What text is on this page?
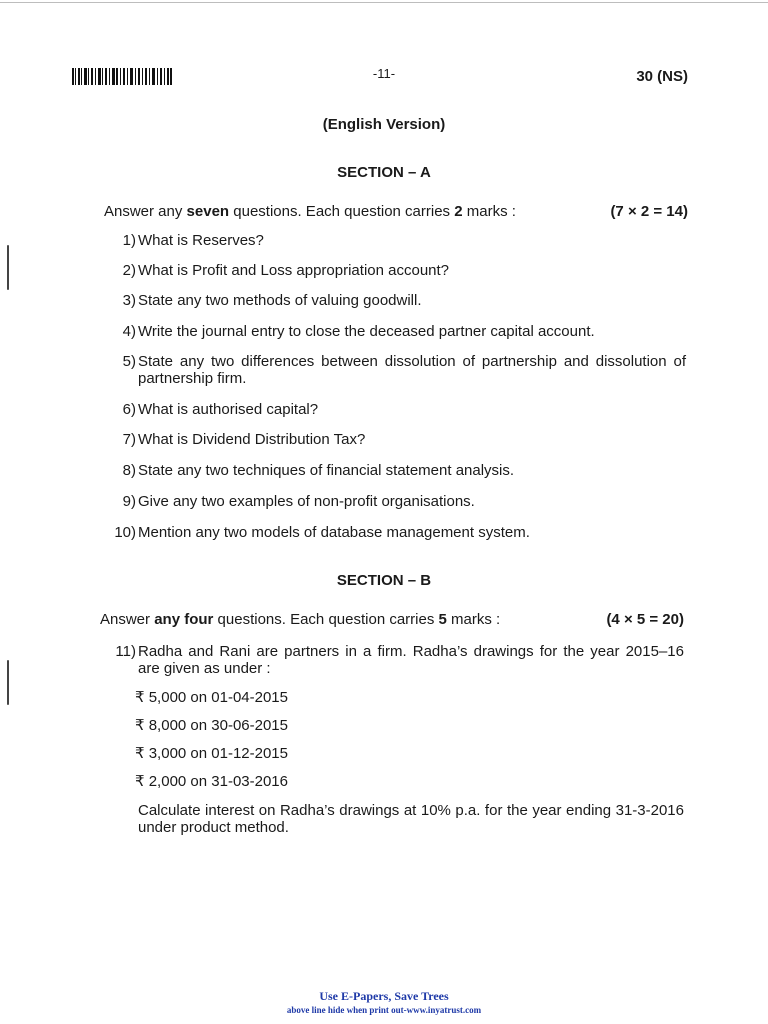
-11-	30 (NS)
(English Version)
SECTION – A
Answer any seven questions. Each question carries 2 marks :	(7 × 2 = 14)
1) What is Reserves?
2) What is Profit and Loss appropriation account?
3) State any two methods of valuing goodwill.
4) Write the journal entry to close the deceased partner capital account.
5) State any two differences between dissolution of partnership and dissolution of partnership firm.
6) What is authorised capital?
7) What is Dividend Distribution Tax?
8) State any two techniques of financial statement analysis.
9) Give any two examples of non-profit organisations.
10) Mention any two models of database management system.
SECTION – B
Answer any four questions. Each question carries 5 marks :	(4 × 5 = 20)
11) Radha and Rani are partners in a firm. Radha’s drawings for the year 2015–16 are given as under :
₹ 5,000 on 01-04-2015
₹ 8,000 on 30-06-2015
₹ 3,000 on 01-12-2015
₹ 2,000 on 31-03-2016
Calculate interest on Radha’s drawings at 10% p.a. for the year ending 31-3-2016 under product method.
Use E-Papers, Save Trees
above line hide when print out-www.inyatrust.com
